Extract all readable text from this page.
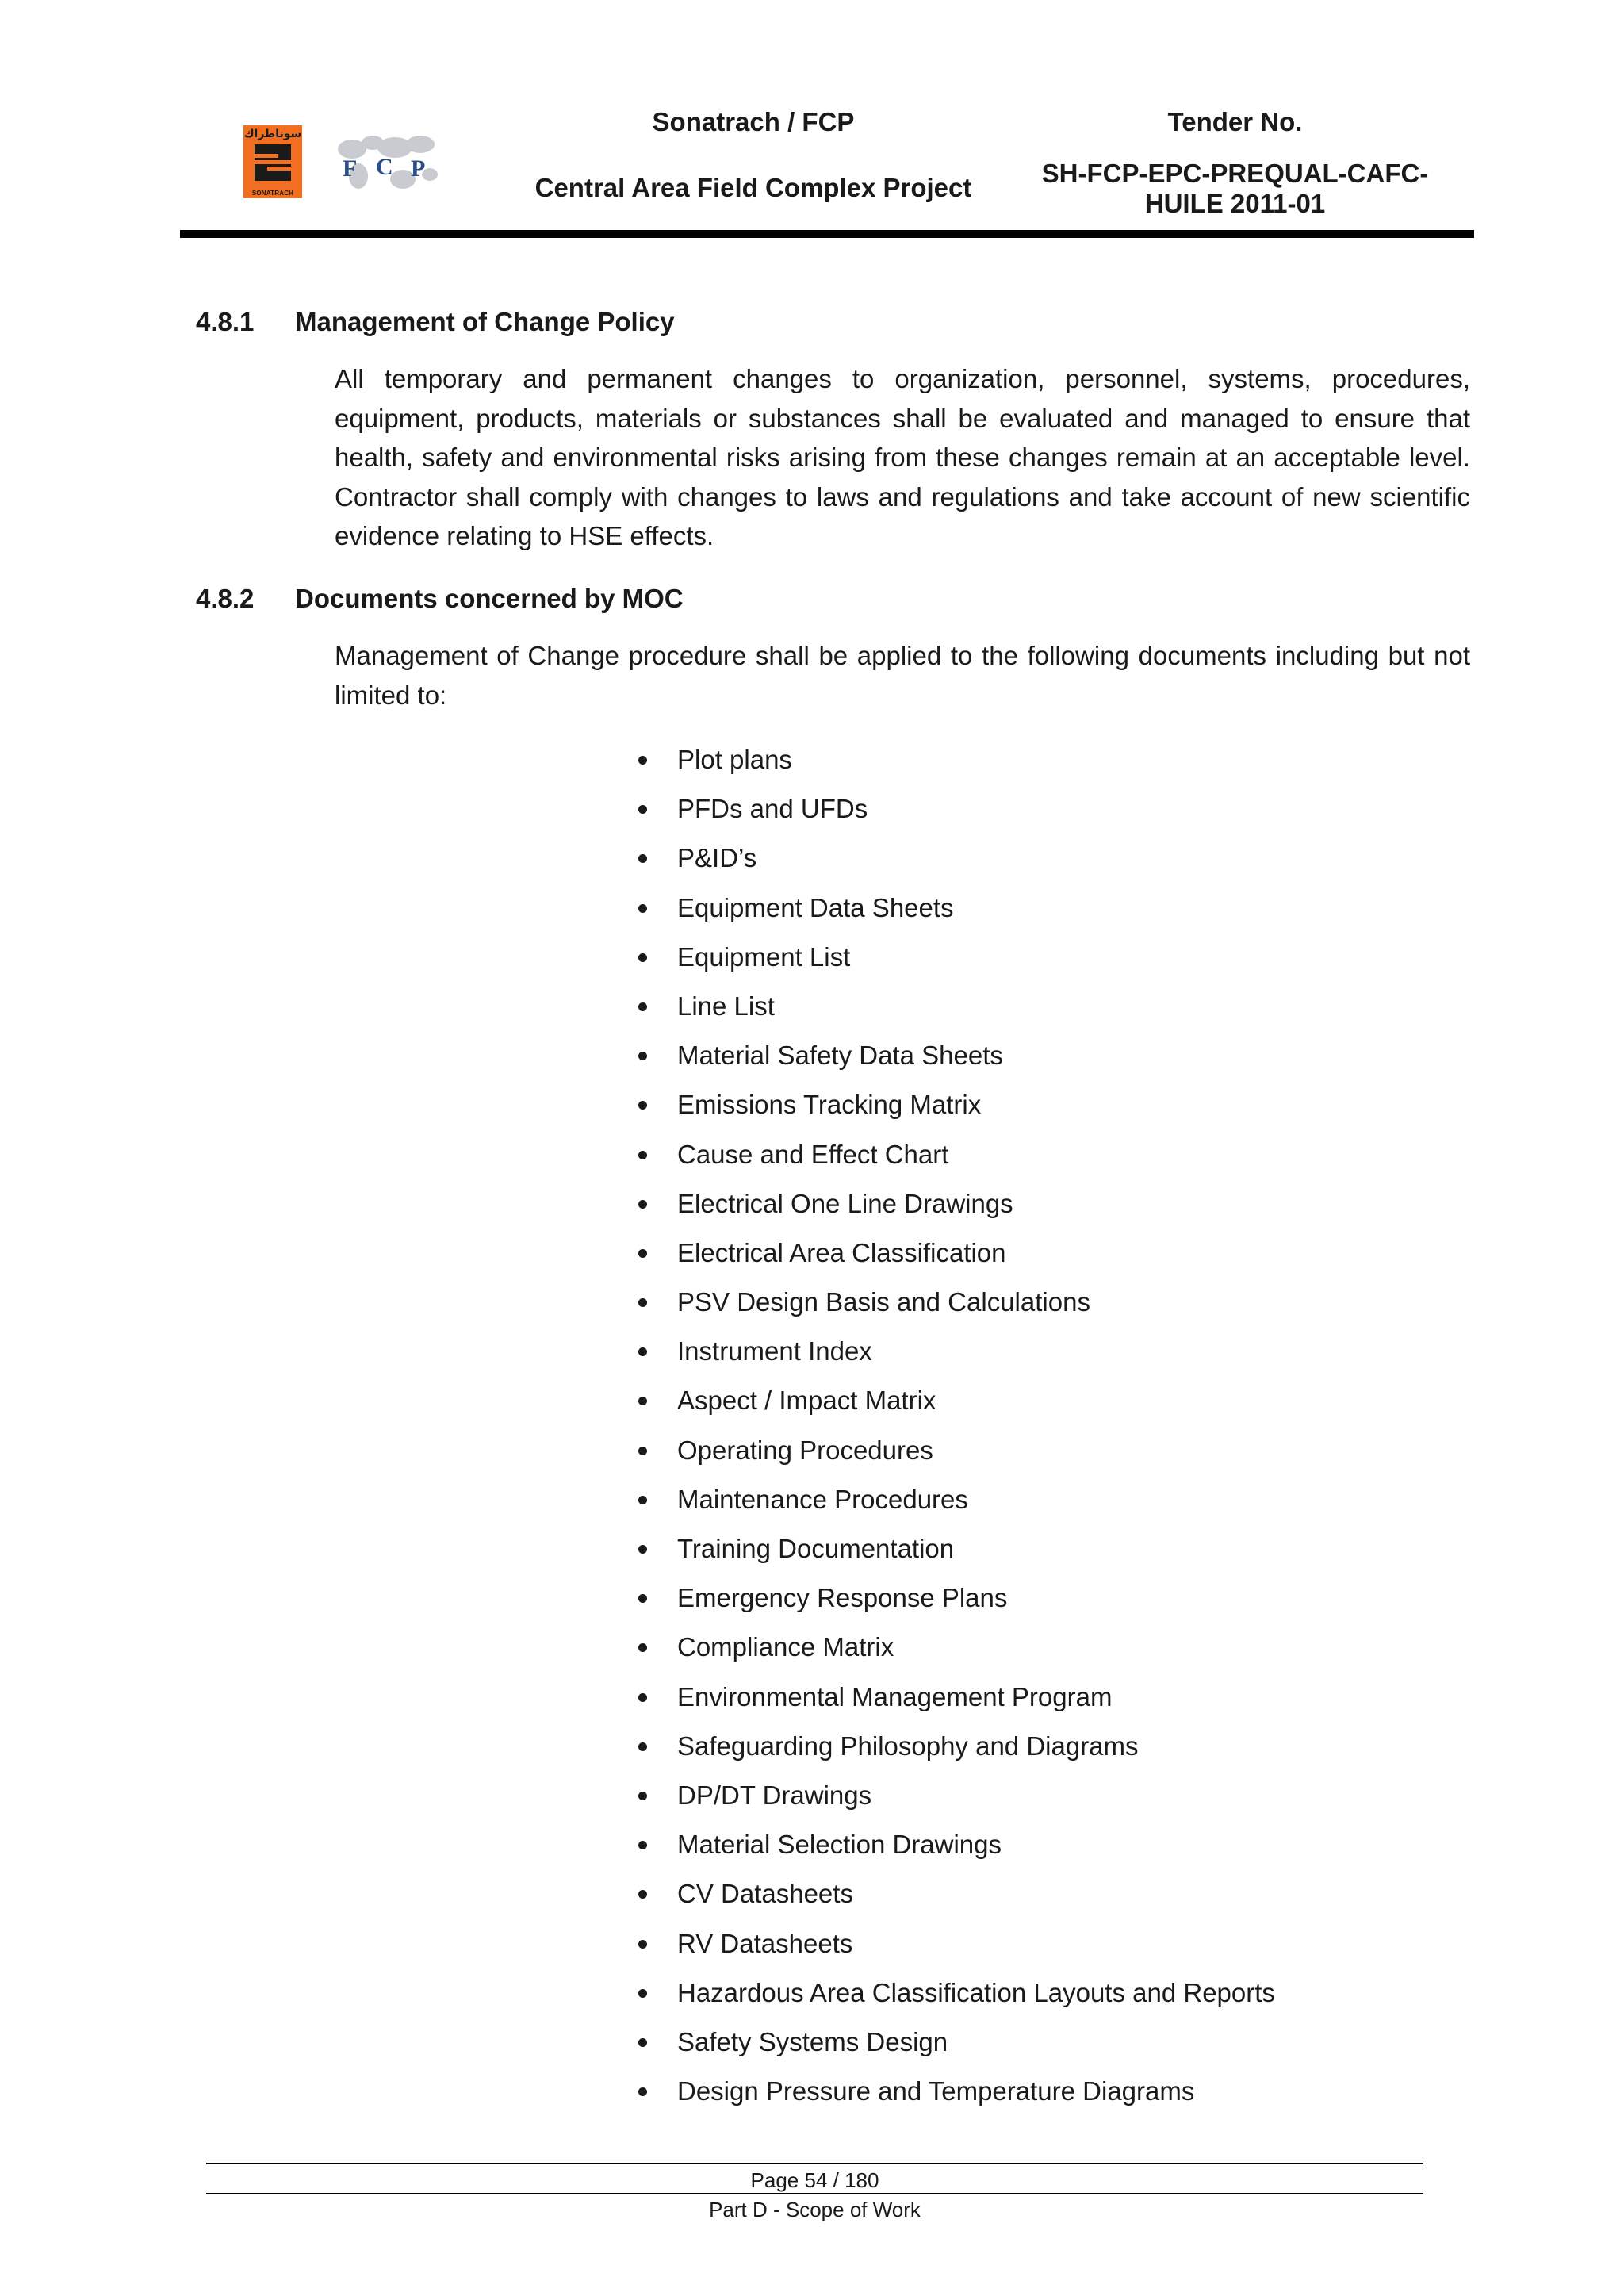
سوناطراك
SONATRACH
F C P
Sonatrach / FCP
Central Area Field Complex Project
Tender No.
SH-FCP-EPC-PREQUAL-CAFC-
HUILE 2011-01
4.8.1 Management of Change Policy
All temporary and permanent changes to organization, personnel, systems, procedures, equipment, products, materials or substances shall be evaluated and managed to ensure that health, safety and environmental risks arising from these changes remain at an acceptable level. Contractor shall comply with changes to laws and regulations and take account of new scientific evidence relating to HSE effects.
4.8.2 Documents concerned by MOC
Management of Change procedure shall be applied to the following documents including but not limited to:
Plot plans
PFDs and UFDs
P&ID’s
Equipment Data Sheets
Equipment List
Line List
Material Safety Data Sheets
Emissions Tracking Matrix
Cause and Effect Chart
Electrical One Line Drawings
Electrical Area Classification
PSV Design Basis and Calculations
Instrument Index
Aspect / Impact Matrix
Operating Procedures
Maintenance Procedures
Training Documentation
Emergency Response Plans
Compliance Matrix
Environmental Management Program
Safeguarding Philosophy and Diagrams
DP/DT Drawings
Material Selection Drawings
CV Datasheets
RV Datasheets
Hazardous Area Classification Layouts and Reports
Safety Systems Design
Design Pressure and Temperature Diagrams
Page 54 / 180
Part D - Scope of Work
